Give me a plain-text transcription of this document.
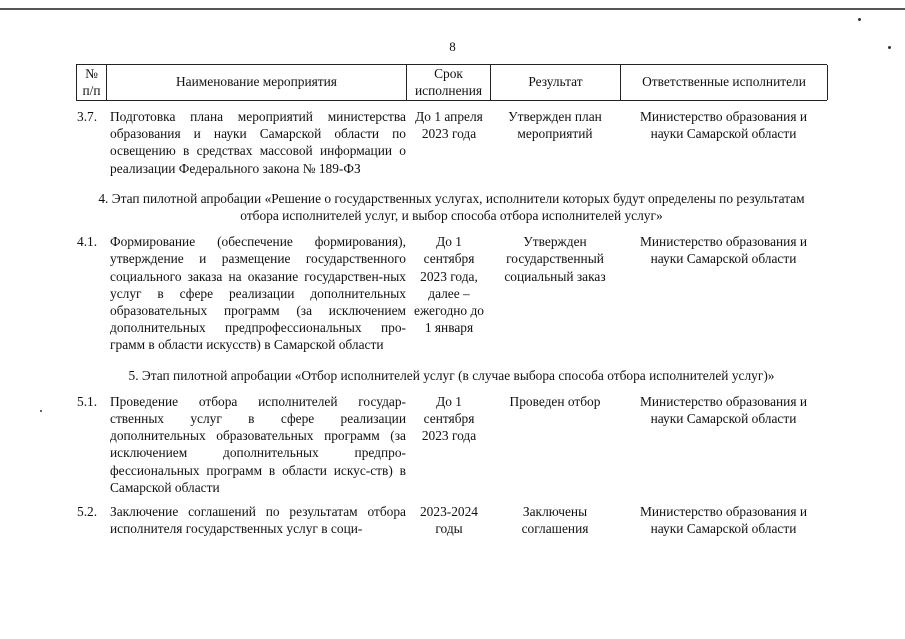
8
№ п/п
Наименование мероприятия
Срок исполнения
Результат	Ответственные исполнители
3.7. Подготовка плана мероприятий министерства образования и науки Самарской области по освещению в средствах массовой информации о реализации Федерального закона № 189-ФЗ
До 1 апреля 2023 года
Утвержден план мероприятий
Министерство образования и науки Самарской области
4. Этап пилотной апробации «Решение о государственных услугах, исполнители которых будут определены по результатам отбора исполнителей услуг, и выбор способа отбора исполнителей услуг»
4.1. Формирование (обеспечение формирования), утверждение и размещение государственного социального заказа на оказание государствен-ных услуг в сфере реализации дополнительных образовательных программ (за исключением дополнительных предпрофессиональных про-грамм в области искусств) в Самарской области
До 1 сентября 2023 года, далее – ежегодно до 1 января
Утвержден государственный социальный заказ
Министерство образования и науки Самарской области
5. Этап пилотной апробации «Отбор исполнителей услуг (в случае выбора способа отбора исполнителей услуг)»
5.1. Проведение отбора исполнителей государ-ственных услуг в сфере реализации дополнительных образовательных программ (за исключением дополнительных предпро-фессиональных программ в области искус-ств) в Самарской области
До 1 сентября 2023 года
Проведен отбор	Министерство образования и науки Самарской области
5.2. Заключение соглашений по результатам отбора исполнителя государственных услуг в соци-
2023-2024 годы
Заключены соглашения
Министерство образования и науки Самарской области
